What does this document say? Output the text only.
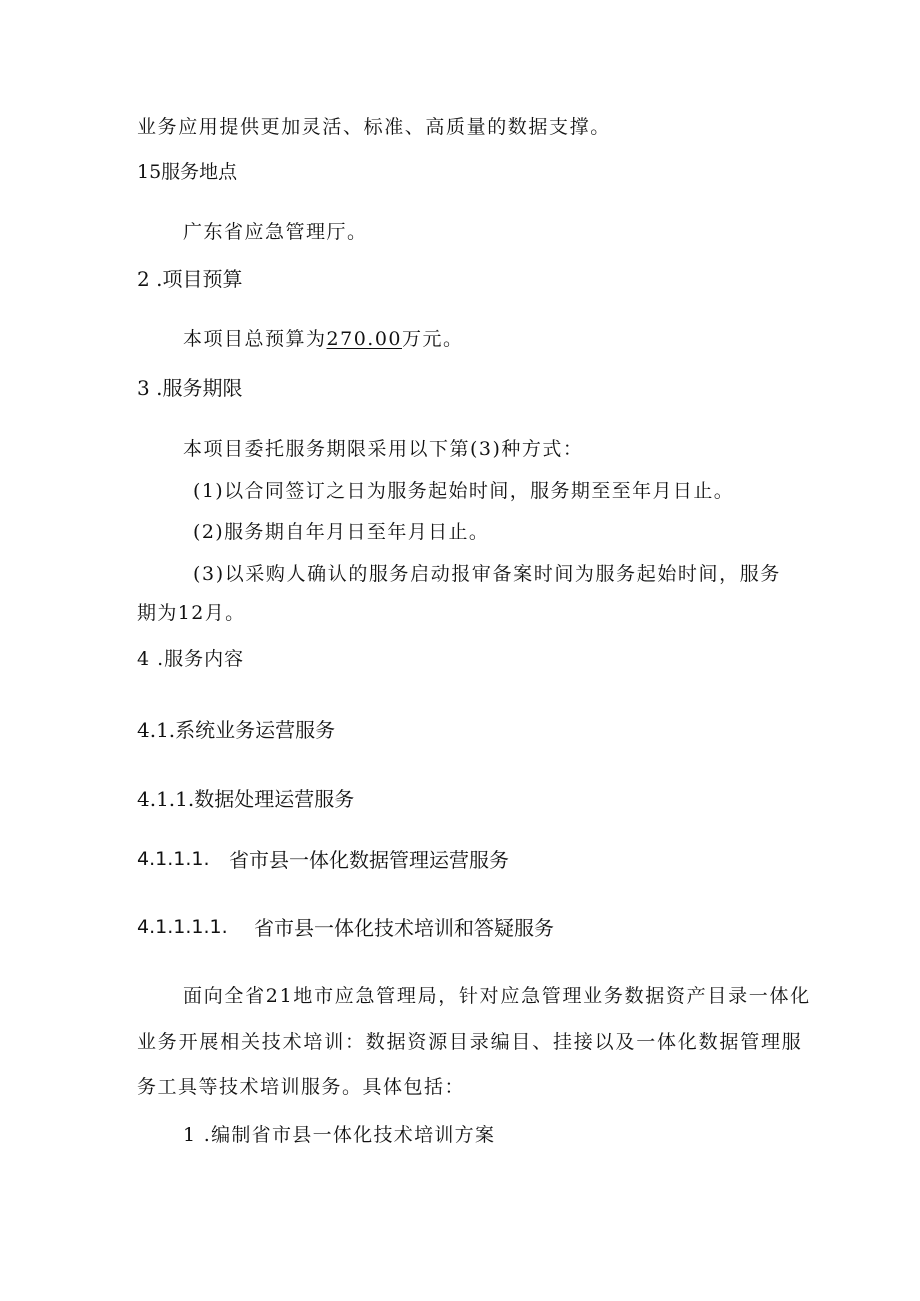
业务应用提供更加灵活、标准、高质量的数据支撑。
15服务地点
广东省应急管理厅。
2 .项目预算
本项目总预算为270.00万元。
3 .服务期限
本项目委托服务期限采用以下第(3)种方式：
(1)以合同签订之日为服务起始时间，服务期至至年月日止。
(2)服务期自年月日至年月日止。
(3)以采购人确认的服务启动报审备案时间为服务起始时间，服务
期为12月。
4 .服务内容
4.1.系统业务运营服务
4.1.1.数据处理运营服务
4.1.1.1. 省市县一体化数据管理运营服务
4.1.1.1.1. 省市县一体化技术培训和答疑服务
面向全省21地市应急管理局，针对应急管理业务数据资产目录一体化
业务开展相关技术培训：数据资源目录编目、挂接以及一体化数据管理服
务工具等技术培训服务。具体包括：
1 .编制省市县一体化技术培训方案
